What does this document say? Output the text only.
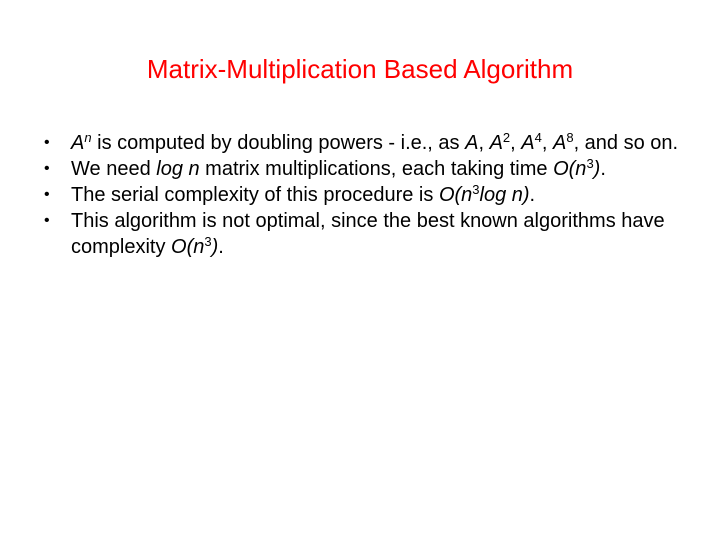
Matrix-Multiplication Based Algorithm
•	$A^n$ is computed by doubling powers - i.e., as A, $A^2$, $A^4$, $A^8$, and so on.
•	We need log n matrix multiplications, each taking time $O(n^3)$.
•	The serial complexity of this procedure is $O(n^3\log$ n).
•	This algorithm is not optimal, since the best known algorithms have complexity $O(n^3)$.
